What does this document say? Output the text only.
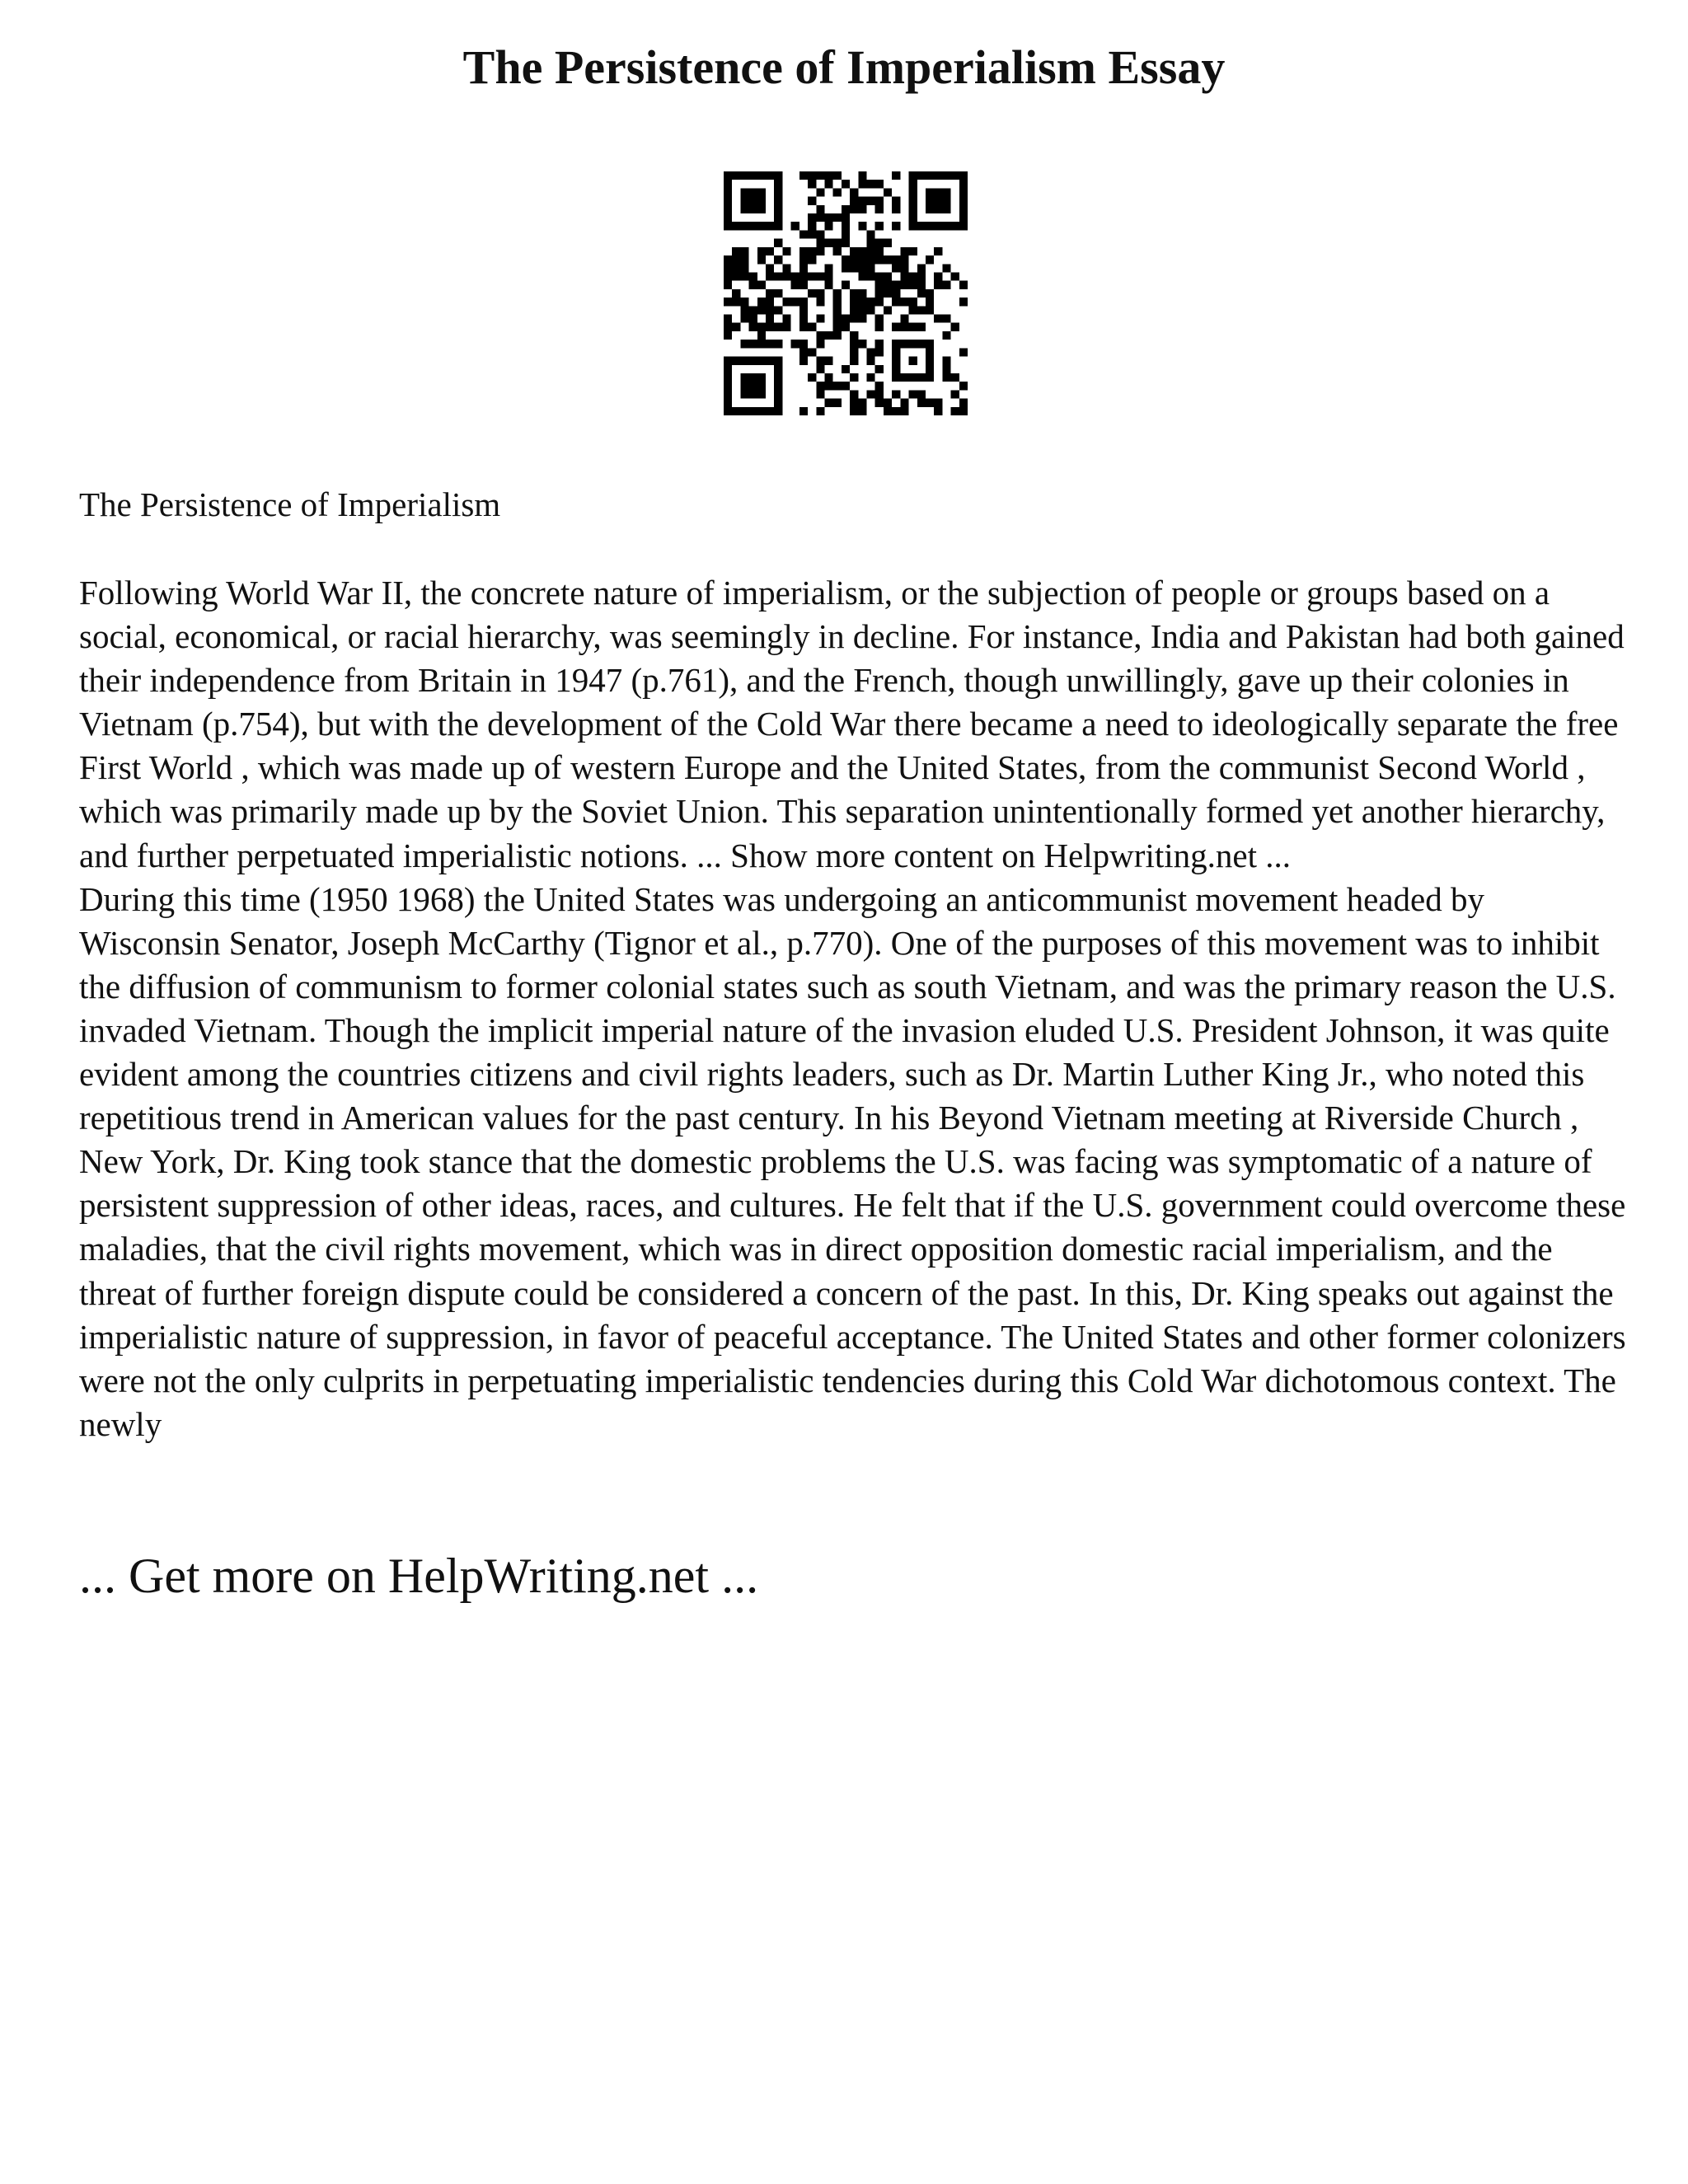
The Persistence of Imperialism Essay

The Persistence of Imperialism

Following World War II, the concrete nature of imperialism, or the subjection of people or groups based on a social, economical, or racial hierarchy, was seemingly in decline. For instance, India and Pakistan had both gained their independence from Britain in 1947 (p.761), and the French, though unwillingly, gave up their colonies in Vietnam (p.754), but with the development of the Cold War there became a need to ideologically separate the free First World , which was made up of western Europe and the United States, from the communist Second World , which was primarily made up by the Soviet Union. This separation unintentionally formed yet another hierarchy, and further perpetuated imperialistic notions. ... Show more content on Helpwriting.net ...

During this time (1950 1968) the United States was undergoing an anticommunist movement headed by Wisconsin Senator, Joseph McCarthy (Tignor et al., p.770). One of the purposes of this movement was to inhibit the diffusion of communism to former colonial states such as south Vietnam, and was the primary reason the U.S. invaded Vietnam. Though the implicit imperial nature of the invasion eluded U.S. President Johnson, it was quite evident among the countries citizens and civil rights leaders, such as Dr. Martin Luther King Jr., who noted this repetitious trend in American values for the past century. In his Beyond Vietnam meeting at Riverside Church , New York, Dr. King took stance that the domestic problems the U.S. was facing was symptomatic of a nature of persistent suppression of other ideas, races, and cultures. He felt that if the U.S. government could overcome these maladies, that the civil rights movement, which was in direct opposition domestic racial imperialism, and the threat of further foreign dispute could be considered a concern of the past. In this, Dr. King speaks out against the imperialistic nature of suppression, in favor of peaceful acceptance. The United States and other former colonizers were not the only culprits in perpetuating imperialistic tendencies during this Cold War dichotomous context. The newly

... Get more on HelpWriting.net ...
